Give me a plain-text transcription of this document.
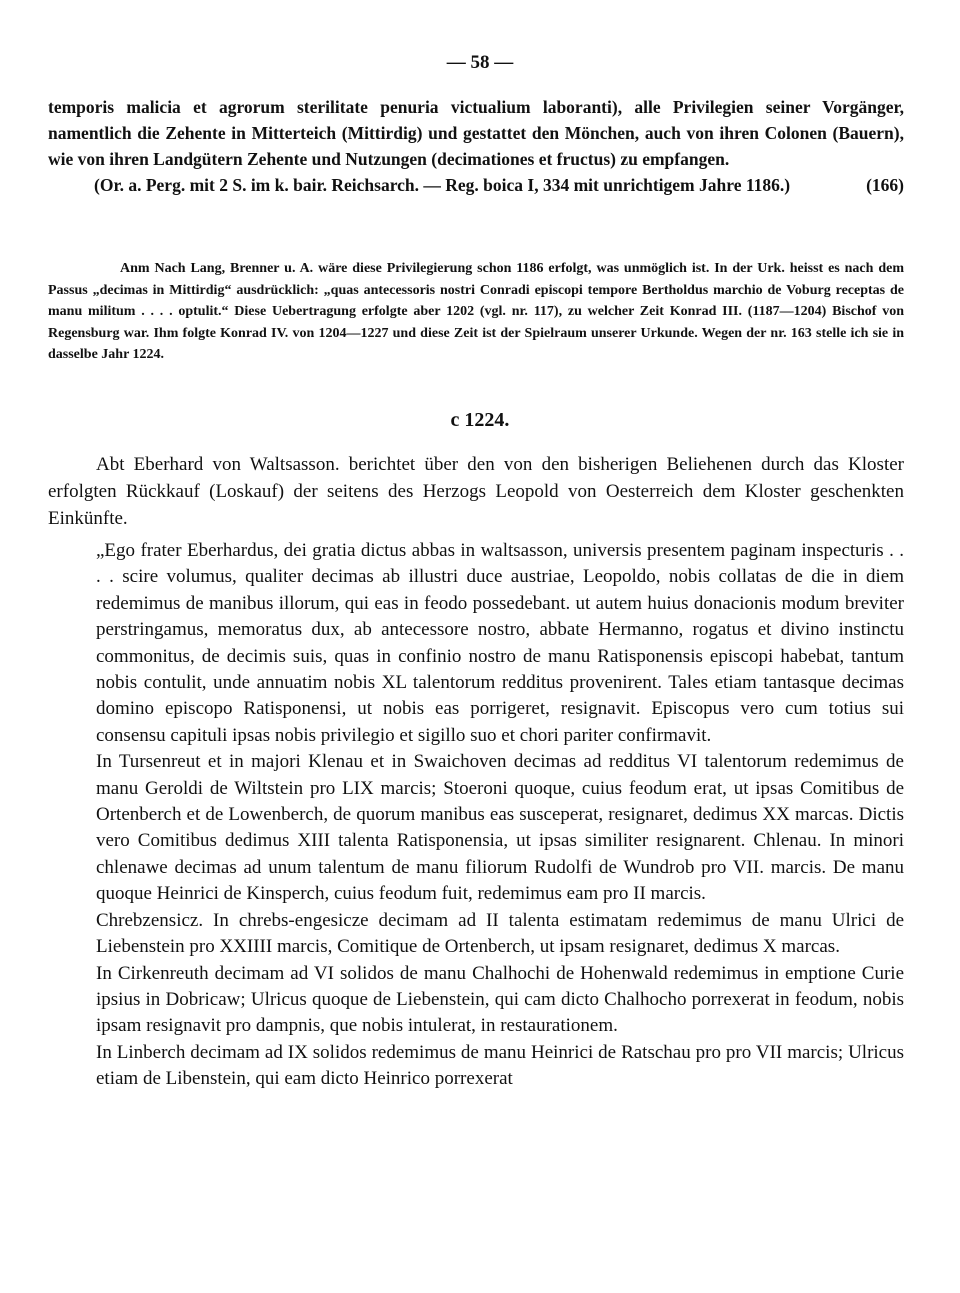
— 58 —

temporis malicia et agrorum sterilitate penuria victualium laboranti), alle Privilegien seiner Vorgänger, namentlich die Zehente in Mitterteich (Mittirdig) und gestattet den Mönchen, auch von ihren Colonen (Bauern), wie von ihren Landgütern Zehente und Nutzungen (decimationes et fructus) zu empfangen.

(Or. a. Perg. mit 2 S. im k. bair. Reichsarch. — Reg. boica I, 334 mit unrichtigem Jahre 1186.)	(166)

Anm Nach Lang, Brenner u. A. wäre diese Privilegierung schon 1186 erfolgt, was unmöglich ist. In der Urk. heisst es nach dem Passus „decimas in Mittirdig“ ausdrücklich: „quas antecessoris nostri Conradi episcopi tempore Bertholdus marchio de Voburg receptas de manu militum . . . . optulit.“ Diese Uebertragung erfolgte aber 1202 (vgl. nr. 117), zu welcher Zeit Konrad III. (1187—1204) Bischof von Regensburg war. Ihm folgte Konrad IV. von 1204—1227 und diese Zeit ist der Spielraum unserer Urkunde. Wegen der nr. 163 stelle ich sie in dasselbe Jahr 1224.

c 1224.

Abt Eberhard von Waltsasson. berichtet über den von den bisherigen Beliehenen durch das Kloster erfolgten Rückkauf (Loskauf) der seitens des Herzogs Leopold von Oesterreich dem Kloster geschenkten Einkünfte.

„Ego frater Eberhardus, dei gratia dictus abbas in waltsasson, universis presentem paginam inspecturis . . . . scire volumus, qualiter decimas ab illustri duce austriae, Leopoldo, nobis collatas de die in diem redemimus de manibus illorum, qui eas in feodo possedebant. ut autem huius donacionis modum breviter perstringamus, memoratus dux, ab antecessore nostro, abbate Hermanno, rogatus et divino instinctu commonitus, de decimis suis, quas in confinio nostro de manu Ratisponensis episcopi habebat, tantum nobis contulit, unde annuatim nobis XL talentorum redditus provenirent. Tales etiam tantasque decimas domino episcopo Ratisponensi, ut nobis eas porrigeret, resignavit. Episcopus vero cum totius sui consensu capituli ipsas nobis privilegio et sigillo suo et chori pariter confirmavit.

In Tursenreut et in majori Klenau et in Swaichoven decimas ad redditus VI talentorum redemimus de manu Geroldi de Wiltstein pro LIX marcis; Stoeroni quoque, cuius feodum erat, ut ipsas Comitibus de Ortenberch et de Lowenberch, de quorum manibus eas susceperat, resignaret, dedimus XX marcas. Dictis vero Comitibus dedimus XIII talenta Ratisponensia, ut ipsas similiter resignarent. Chlenau. In minori chlenawe decimas ad unum talentum de manu filiorum Rudolfi de Wundrob pro VII. marcis. De manu quoque Heinrici de Kinsperch, cuius feodum fuit, redemimus eam pro II marcis.

Chrebzensicz. In chrebs-engesicze decimam ad II talenta estimatam redemimus de manu Ulrici de Liebenstein pro XXIIII marcis, Comitique de Ortenberch, ut ipsam resignaret, dedimus X marcas.

In Cirkenreuth decimam ad VI solidos de manu Chalhochi de Hohenwald redemimus in emptione Curie ipsius in Dobricaw; Ulricus quoque de Liebenstein, qui cam dicto Chalhocho porrexerat in feodum, nobis ipsam resignavit pro dampnis, que nobis intulerat, in restaurationem.

In Linberch decimam ad IX solidos redemimus de manu Heinrici de Ratschau pro pro VII marcis; Ulricus etiam de Libenstein, qui eam dicto Heinrico porrexerat
